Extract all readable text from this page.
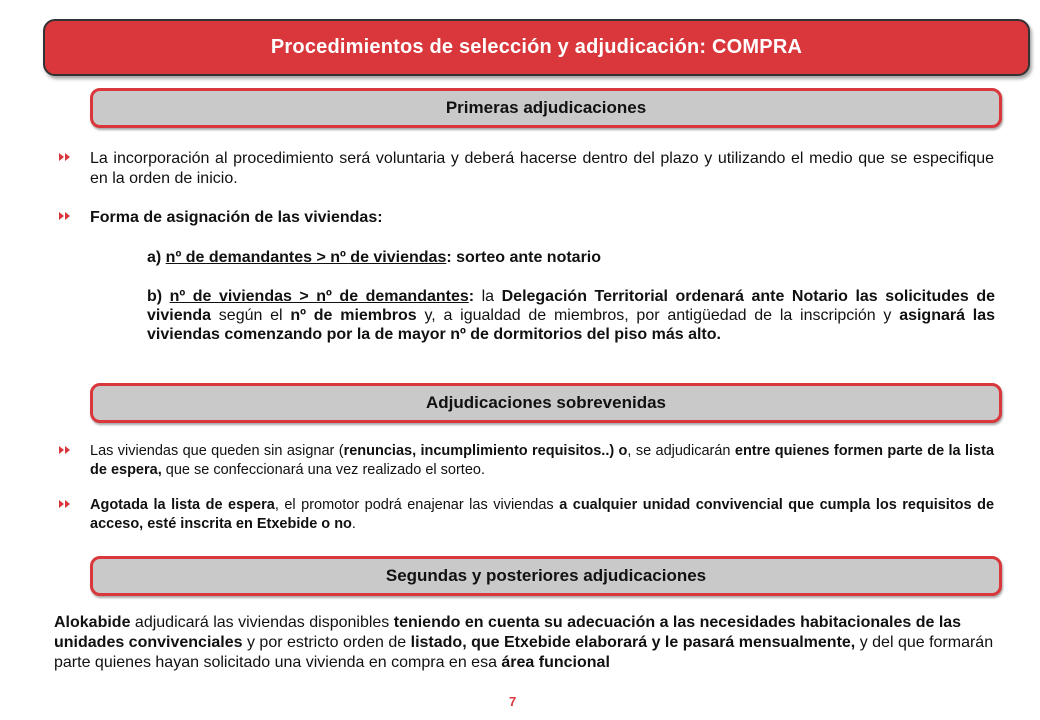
Procedimientos de selección y adjudicación: COMPRA
Primeras adjudicaciones
La incorporación al procedimiento será voluntaria y deberá hacerse dentro del plazo y utilizando el medio que se especifique en la orden de inicio.
Forma de asignación de las viviendas:
a) nº de demandantes > nº de viviendas: sorteo ante notario
b) nº de viviendas > nº de demandantes: la Delegación Territorial ordenará ante Notario las solicitudes de vivienda según el nº de miembros y, a igualdad de miembros, por antigüedad de la inscripción y asignará las viviendas comenzando por la de mayor nº de dormitorios del piso más alto.
Adjudicaciones sobrevenidas
Las viviendas que queden sin asignar (renuncias, incumplimiento requisitos..) o, se adjudicarán entre quienes formen parte de la lista de espera, que se confeccionará una vez realizado el sorteo.
Agotada la lista de espera, el promotor podrá enajenar las viviendas a cualquier unidad convivencial que cumpla los requisitos de acceso, esté inscrita en Etxebide o no.
Segundas y posteriores adjudicaciones
Alokabide adjudicará las viviendas disponibles teniendo en cuenta su adecuación a las necesidades habitacionales de las unidades convivenciales y por estricto orden de listado, que Etxebide elaborará y le pasará mensualmente, y del que formarán parte quienes hayan solicitado una vivienda en compra en esa área funcional
7
